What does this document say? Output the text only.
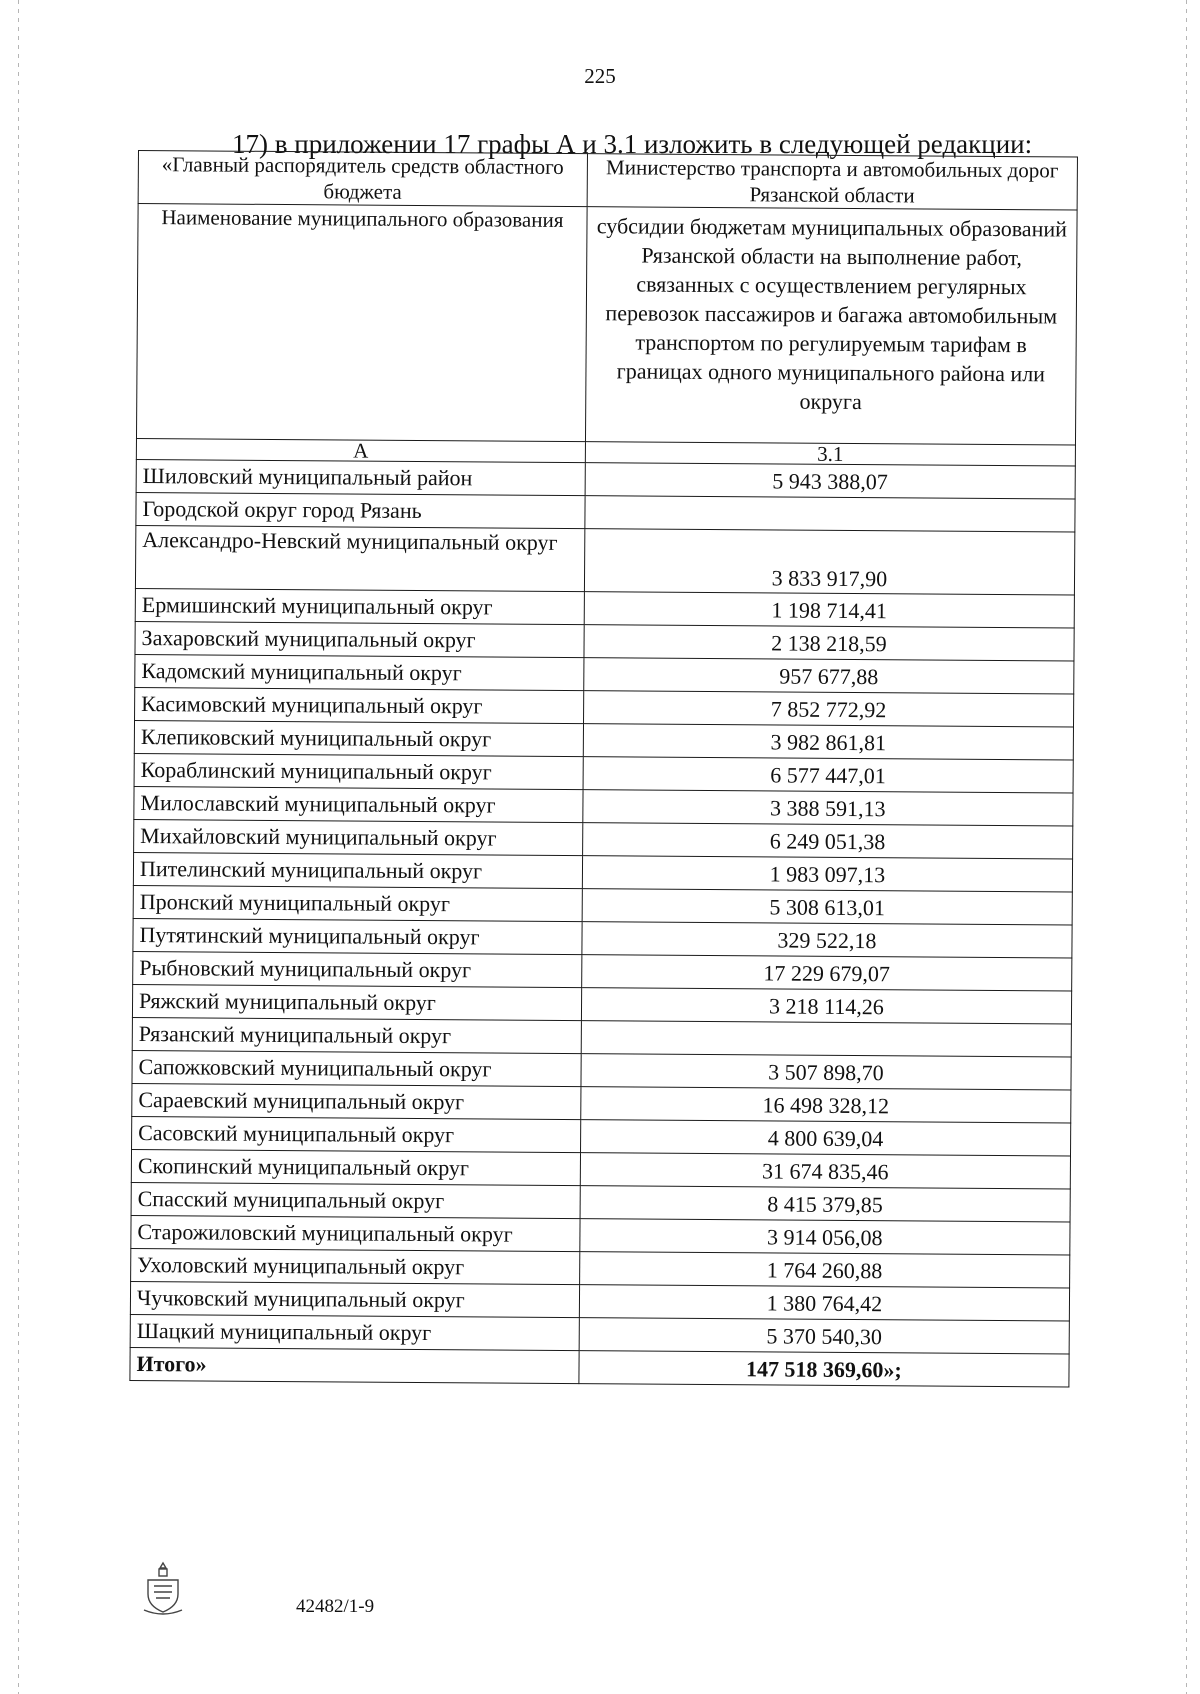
225
17) в приложении 17 графы А и 3.1 изложить в следующей редакции:
«Главный распорядитель средств областного бюджета	Министерство транспорта и автомобильных дорог Рязанской области
Наименование муниципального образования	субсидии бюджетам муниципальных образований Рязанской области на выполнение работ, связанных с осуществлением регулярных перевозок пассажиров и багажа автомобильным транспортом по регулируемым тарифам в границах одного муниципального района или округа
А	3.1
Шиловский муниципальный район	5 943 388,07
Городской округ город Рязань	
Александро-Невский муниципальный округ	3 833 917,90
Ермишинский муниципальный округ	1 198 714,41
Захаровский муниципальный округ	2 138 218,59
Кадомский муниципальный округ	957 677,88
Касимовский муниципальный округ	7 852 772,92
Клепиковский муниципальный округ	3 982 861,81
Кораблинский муниципальный округ	6 577 447,01
Милославский муниципальный округ	3 388 591,13
Михайловский муниципальный округ	6 249 051,38
Пителинский муниципальный округ	1 983 097,13
Пронский муниципальный округ	5 308 613,01
Путятинский муниципальный округ	329 522,18
Рыбновский муниципальный округ	17 229 679,07
Ряжский муниципальный округ	3 218 114,26
Рязанский муниципальный округ	
Сапожковский муниципальный округ	3 507 898,70
Сараевский муниципальный округ	16 498 328,12
Сасовский муниципальный округ	4 800 639,04
Скопинский муниципальный округ	31 674 835,46
Спасский муниципальный округ	8 415 379,85
Старожиловский муниципальный округ	3 914 056,08
Ухоловский муниципальный округ	1 764 260,88
Чучковский муниципальный округ	1 380 764,42
Шацкий муниципальный округ	5 370 540,30
Итого»	147 518 369,60»;
42482/1-9
